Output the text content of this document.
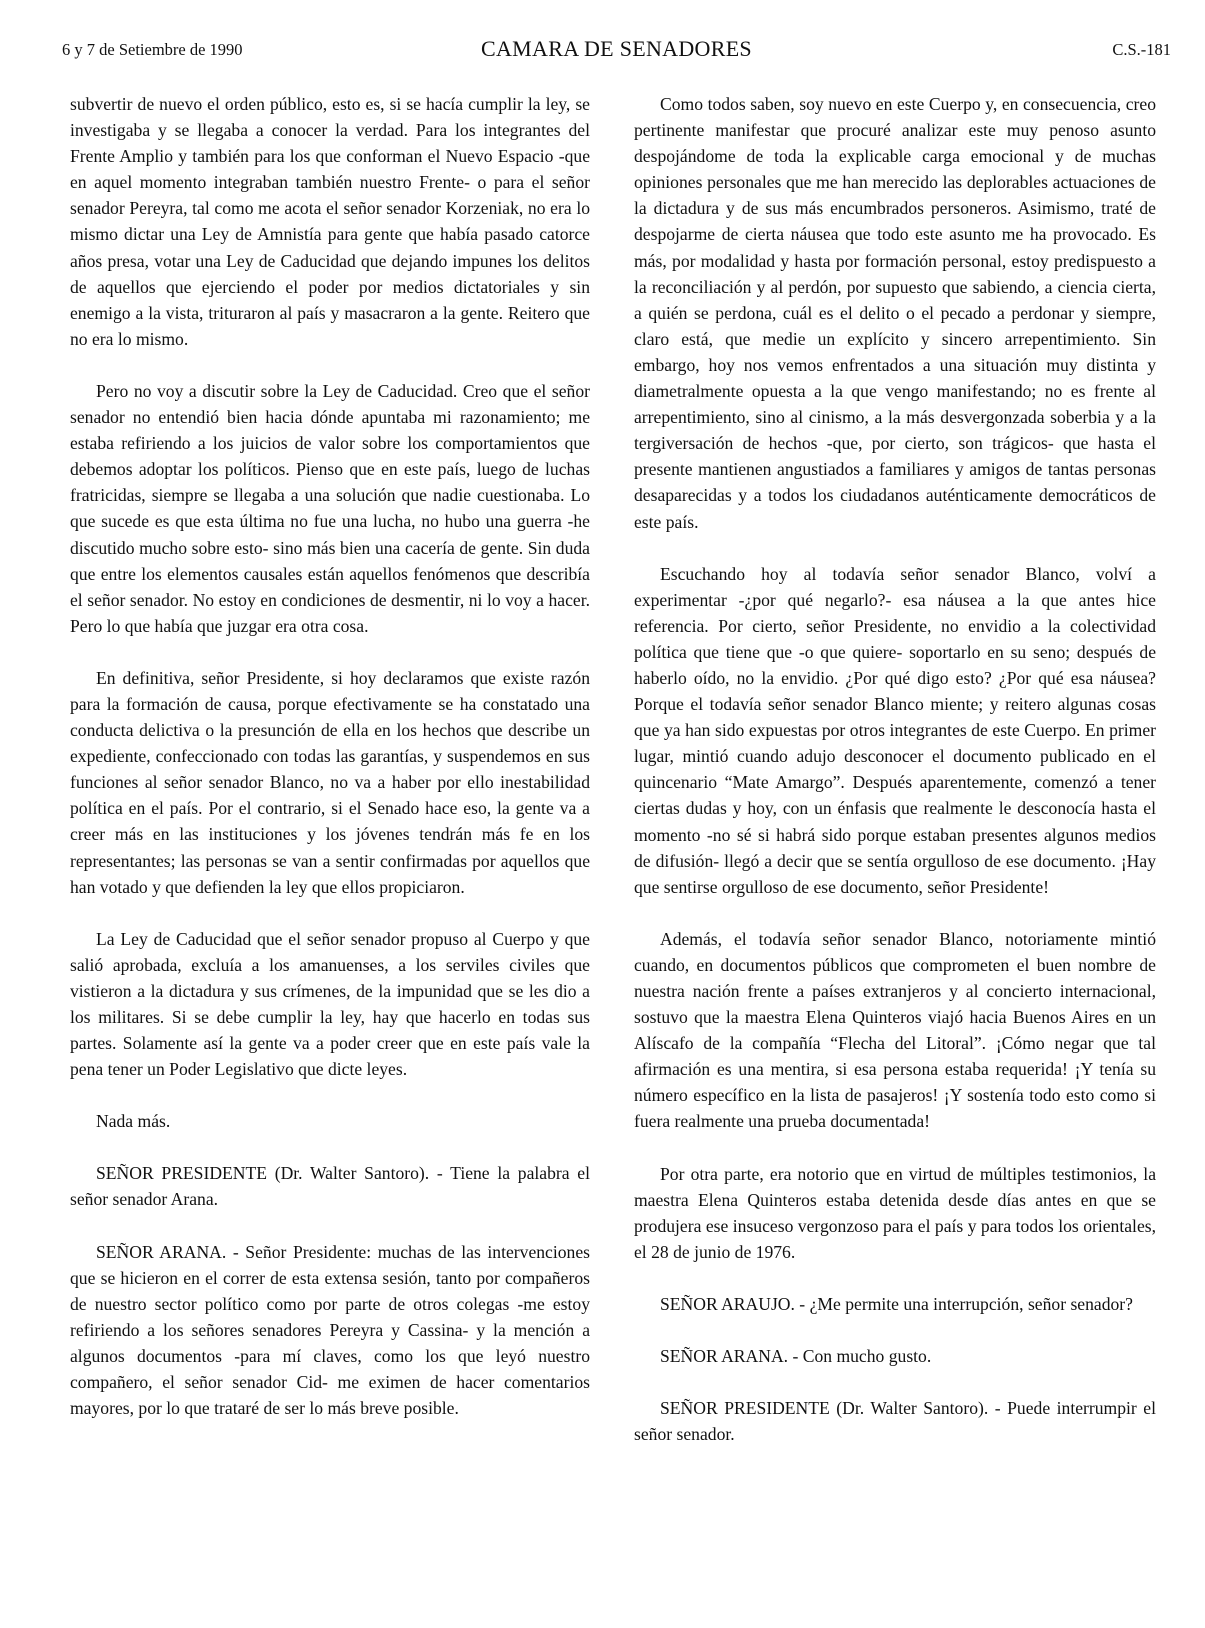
6 y 7 de Setiembre de 1990	CAMARA DE SENADORES	C.S.-181

subvertir de nuevo el orden público, esto es, si se hacía cumplir la ley, se investigaba y se llegaba a conocer la verdad. Para los integrantes del Frente Amplio y también para los que conforman el Nuevo Espacio -que en aquel momento integraban también nuestro Frente- o para el señor senador Pereyra, tal como me acota el señor senador Korzeniak, no era lo mismo dictar una Ley de Amnistía para gente que había pasado catorce años presa, votar una Ley de Caducidad que dejando impunes los delitos de aquellos que ejerciendo el poder por medios dictatoriales y sin enemigo a la vista, trituraron al país y masacraron a la gente. Reitero que no era lo mismo.

Pero no voy a discutir sobre la Ley de Caducidad. Creo que el señor senador no entendió bien hacia dónde apuntaba mi razonamiento; me estaba refiriendo a los juicios de valor sobre los comportamientos que debemos adoptar los políticos. Pienso que en este país, luego de luchas fratricidas, siempre se llegaba a una solución que nadie cuestionaba. Lo que sucede es que esta última no fue una lucha, no hubo una guerra -he discutido mucho sobre esto- sino más bien una cacería de gente. Sin duda que entre los elementos causales están aquellos fenómenos que describía el señor senador. No estoy en condiciones de desmentir, ni lo voy a hacer. Pero lo que había que juzgar era otra cosa.

En definitiva, señor Presidente, si hoy declaramos que existe razón para la formación de causa, porque efectivamente se ha constatado una conducta delictiva o la presunción de ella en los hechos que describe un expediente, confeccionado con todas las garantías, y suspendemos en sus funciones al señor senador Blanco, no va a haber por ello inestabilidad política en el país. Por el contrario, si el Senado hace eso, la gente va a creer más en las instituciones y los jóvenes tendrán más fe en los representantes; las personas se van a sentir confirmadas por aquellos que han votado y que defienden la ley que ellos propiciaron.

La Ley de Caducidad que el señor senador propuso al Cuerpo y que salió aprobada, excluía a los amanuenses, a los serviles civiles que vistieron a la dictadura y sus crímenes, de la impunidad que se les dio a los militares. Si se debe cumplir la ley, hay que hacerlo en todas sus partes. Solamente así la gente va a poder creer que en este país vale la pena tener un Poder Legislativo que dicte leyes.

Nada más.

SEÑOR PRESIDENTE (Dr. Walter Santoro). - Tiene la palabra el señor senador Arana.

SEÑOR ARANA. - Señor Presidente: muchas de las intervenciones que se hicieron en el correr de esta extensa sesión, tanto por compañeros de nuestro sector político como por parte de otros colegas -me estoy refiriendo a los señores senadores Pereyra y Cassina- y la mención a algunos documentos -para mí claves, como los que leyó nuestro compañero, el señor senador Cid- me eximen de hacer comentarios mayores, por lo que trataré de ser lo más breve posible.

Como todos saben, soy nuevo en este Cuerpo y, en consecuencia, creo pertinente manifestar que procuré analizar este muy penoso asunto despojándome de toda la explicable carga emocional y de muchas opiniones personales que me han merecido las deplorables actuaciones de la dictadura y de sus más encumbrados personeros. Asimismo, traté de despojarme de cierta náusea que todo este asunto me ha provocado. Es más, por modalidad y hasta por formación personal, estoy predispuesto a la reconciliación y al perdón, por supuesto que sabiendo, a ciencia cierta, a quién se perdona, cuál es el delito o el pecado a perdonar y siempre, claro está, que medie un explícito y sincero arrepentimiento. Sin embargo, hoy nos vemos enfrentados a una situación muy distinta y diametralmente opuesta a la que vengo manifestando; no es frente al arrepentimiento, sino al cinismo, a la más desvergonzada soberbia y a la tergiversación de hechos -que, por cierto, son trágicos- que hasta el presente mantienen angustiados a familiares y amigos de tantas personas desaparecidas y a todos los ciudadanos auténticamente democráticos de este país.

Escuchando hoy al todavía señor senador Blanco, volví a experimentar -¿por qué negarlo?- esa náusea a la que antes hice referencia. Por cierto, señor Presidente, no envidio a la colectividad política que tiene que -o que quiere- soportarlo en su seno; después de haberlo oído, no la envidio. ¿Por qué digo esto? ¿Por qué esa náusea? Porque el todavía señor senador Blanco miente; y reitero algunas cosas que ya han sido expuestas por otros integrantes de este Cuerpo. En primer lugar, mintió cuando adujo desconocer el documento publicado en el quincenario “Mate Amargo”. Después aparentemente, comenzó a tener ciertas dudas y hoy, con un énfasis que realmente le desconocía hasta el momento -no sé si habrá sido porque estaban presentes algunos medios de difusión- llegó a decir que se sentía orgulloso de ese documento. ¡Hay que sentirse orgulloso de ese documento, señor Presidente!

Además, el todavía señor senador Blanco, notoriamente mintió cuando, en documentos públicos que comprometen el buen nombre de nuestra nación frente a países extranjeros y al concierto internacional, sostuvo que la maestra Elena Quinteros viajó hacia Buenos Aires en un Alíscafo de la compañía “Flecha del Litoral”. ¡Cómo negar que tal afirmación es una mentira, si esa persona estaba requerida! ¡Y tenía su número específico en la lista de pasajeros! ¡Y sostenía todo esto como si fuera realmente una prueba documentada!

Por otra parte, era notorio que en virtud de múltiples testimonios, la maestra Elena Quinteros estaba detenida desde días antes en que se produjera ese insuceso vergonzoso para el país y para todos los orientales, el 28 de junio de 1976.

SEÑOR ARAUJO. - ¿Me permite una interrupción, señor senador?

SEÑOR ARANA. - Con mucho gusto.

SEÑOR PRESIDENTE (Dr. Walter Santoro). - Puede interrumpir el señor senador.
